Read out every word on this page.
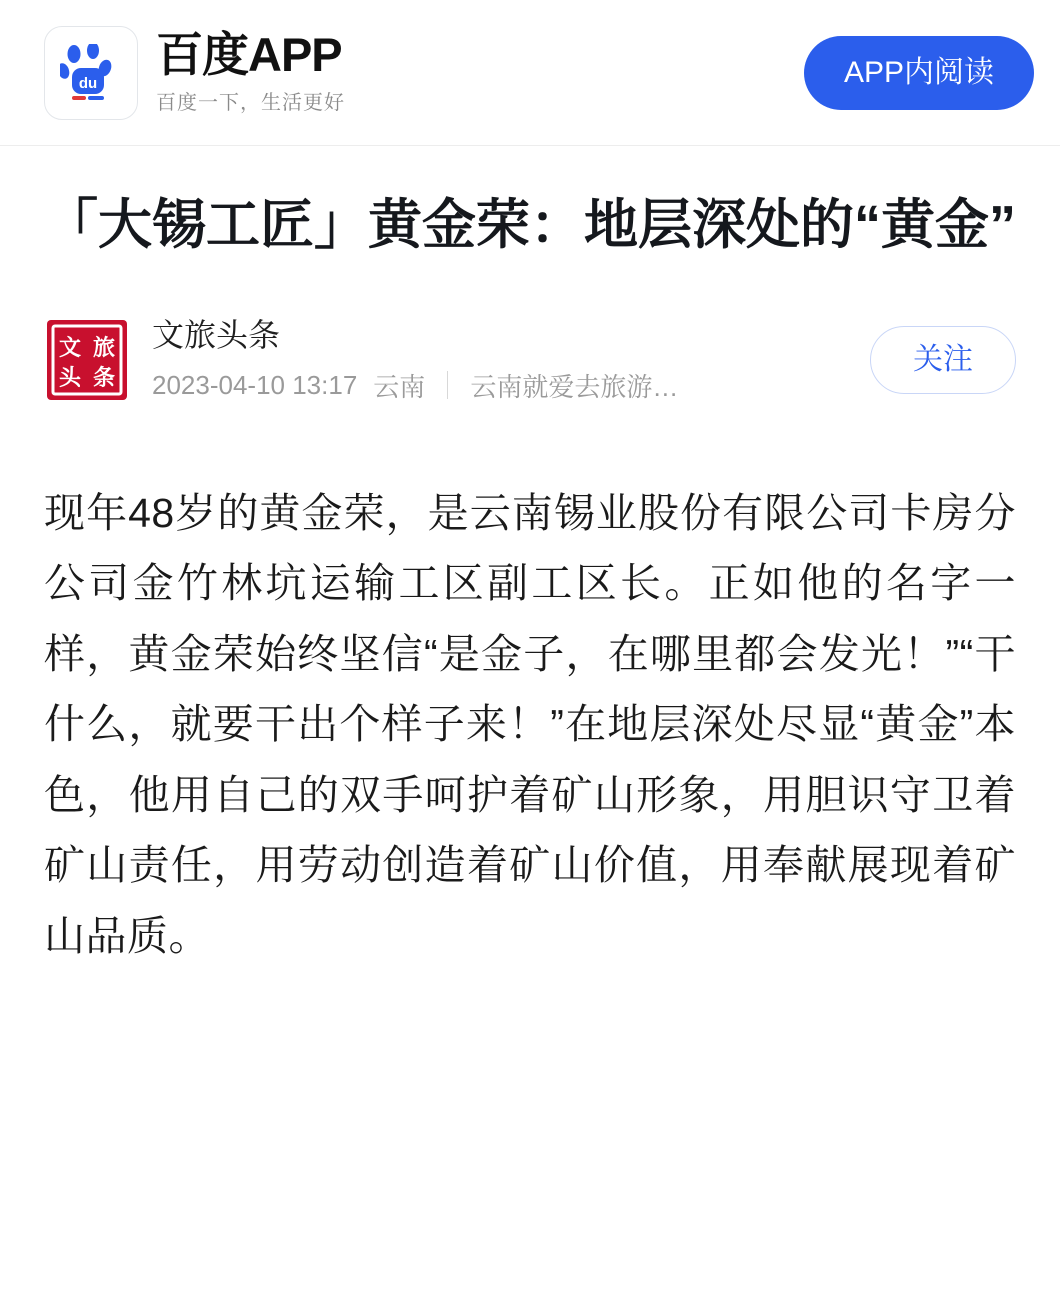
du
百度APP
百度一下，生活更好
APP内阅读
「大锡工匠」黄金荣：地层深处的“黄金”
文 旅
头 条
文旅头条
2023-04-10 13:17 云南 云南就爱去旅游…
关注

现年48岁的黄金荣，是云南锡业股份有限公司卡房分公司金竹林坑运输工区副工区长。正如他的名字一样，黄金荣始终坚信“是金子，在哪里都会发光！”“干什么，就要干出个样子来！”在地层深处尽显“黄金”本色，他用自己的双手呵护着矿山形象，用胆识守卫着矿山责任，用劳动创造着矿山价值，用奉献展现着矿山品质。
